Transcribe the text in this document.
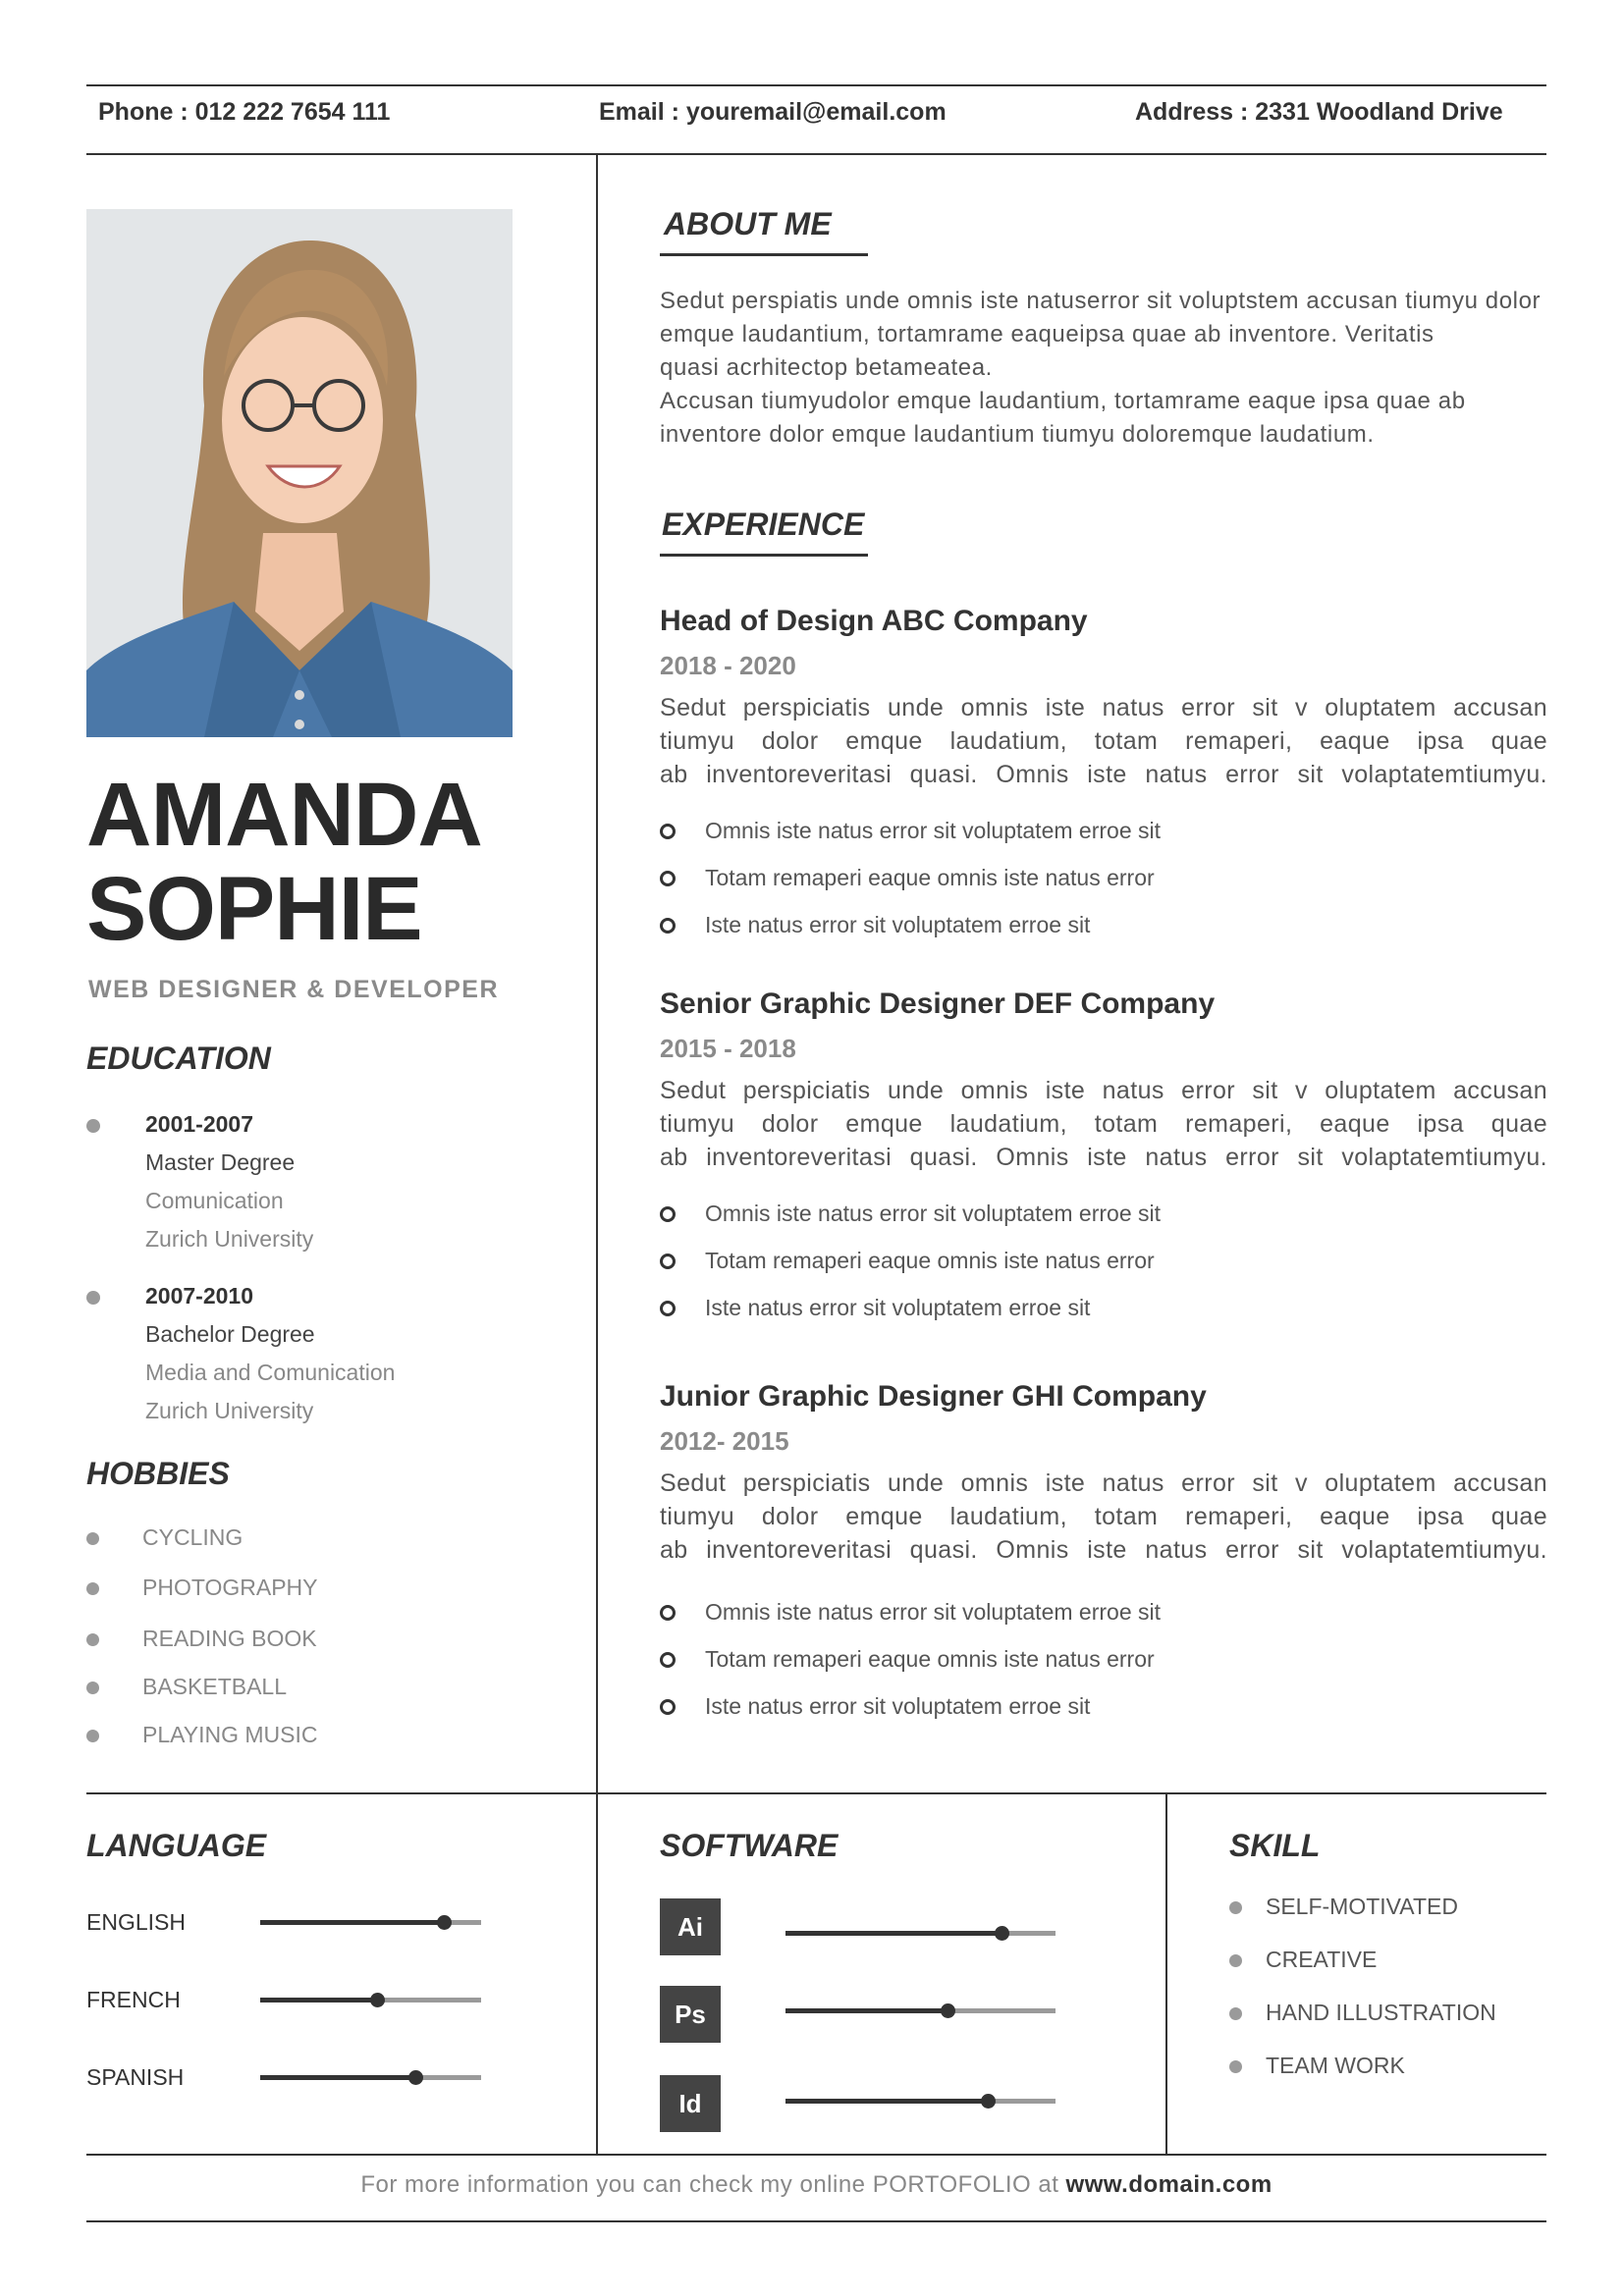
Phone : 012 222 7654 111	Email : youremail@email.com	Address : 2331 Woodland Drive
AMANDA
SOPHIE
WEB DESIGNER & DEVELOPER
EDUCATION
2001-2007
Master Degree
Comunication
Zurich University
2007-2010
Bachelor Degree
Media and Comunication
Zurich University
HOBBIES
CYCLING
PHOTOGRAPHY
READING BOOK
BASKETBALL
PLAYING MUSIC
ABOUT ME
Sedut perspiatis unde omnis iste natuserror sit voluptstem accusan tiumyu dolor
emque laudantium, tortamrame eaqueipsa quae ab inventore. Veritatis
quasi acrhitectop betameatea.
Accusan tiumyudolor emque laudantium, tortamrame eaque ipsa quae ab
inventore dolor emque laudantium tiumyu doloremque laudatium.
EXPERIENCE
Head of Design ABC Company
2018 - 2020
Sedut perspiciatis unde omnis iste natus error sit v oluptatem accusan
tiumyu dolor emque laudatium, totam remaperi, eaque ipsa quae
ab inventoreveritasi quasi. Omnis iste natus error sit volaptatemtiumyu.
Omnis iste natus error sit voluptatem erroe sit
Totam remaperi eaque omnis iste natus error
Iste natus error sit voluptatem erroe sit
Senior Graphic Designer DEF Company
2015 - 2018
Sedut perspiciatis unde omnis iste natus error sit v oluptatem accusan
tiumyu dolor emque laudatium, totam remaperi, eaque ipsa quae
ab inventoreveritasi quasi. Omnis iste natus error sit volaptatemtiumyu.
Omnis iste natus error sit voluptatem erroe sit
Totam remaperi eaque omnis iste natus error
Iste natus error sit voluptatem erroe sit
Junior Graphic Designer GHI Company
2012- 2015
Sedut perspiciatis unde omnis iste natus error sit v oluptatem accusan
tiumyu dolor emque laudatium, totam remaperi, eaque ipsa quae
ab inventoreveritasi quasi. Omnis iste natus error sit volaptatemtiumyu.
Omnis iste natus error sit voluptatem erroe sit
Totam remaperi eaque omnis iste natus error
Iste natus error sit voluptatem erroe sit
LANGUAGE
ENGLISH
FRENCH
SPANISH
SOFTWARE
Ai
Ps
Id
SKILL
SELF-MOTIVATED
CREATIVE
HAND ILLUSTRATION
TEAM WORK
For more information you can check my online PORTOFOLIO at www.domain.com
